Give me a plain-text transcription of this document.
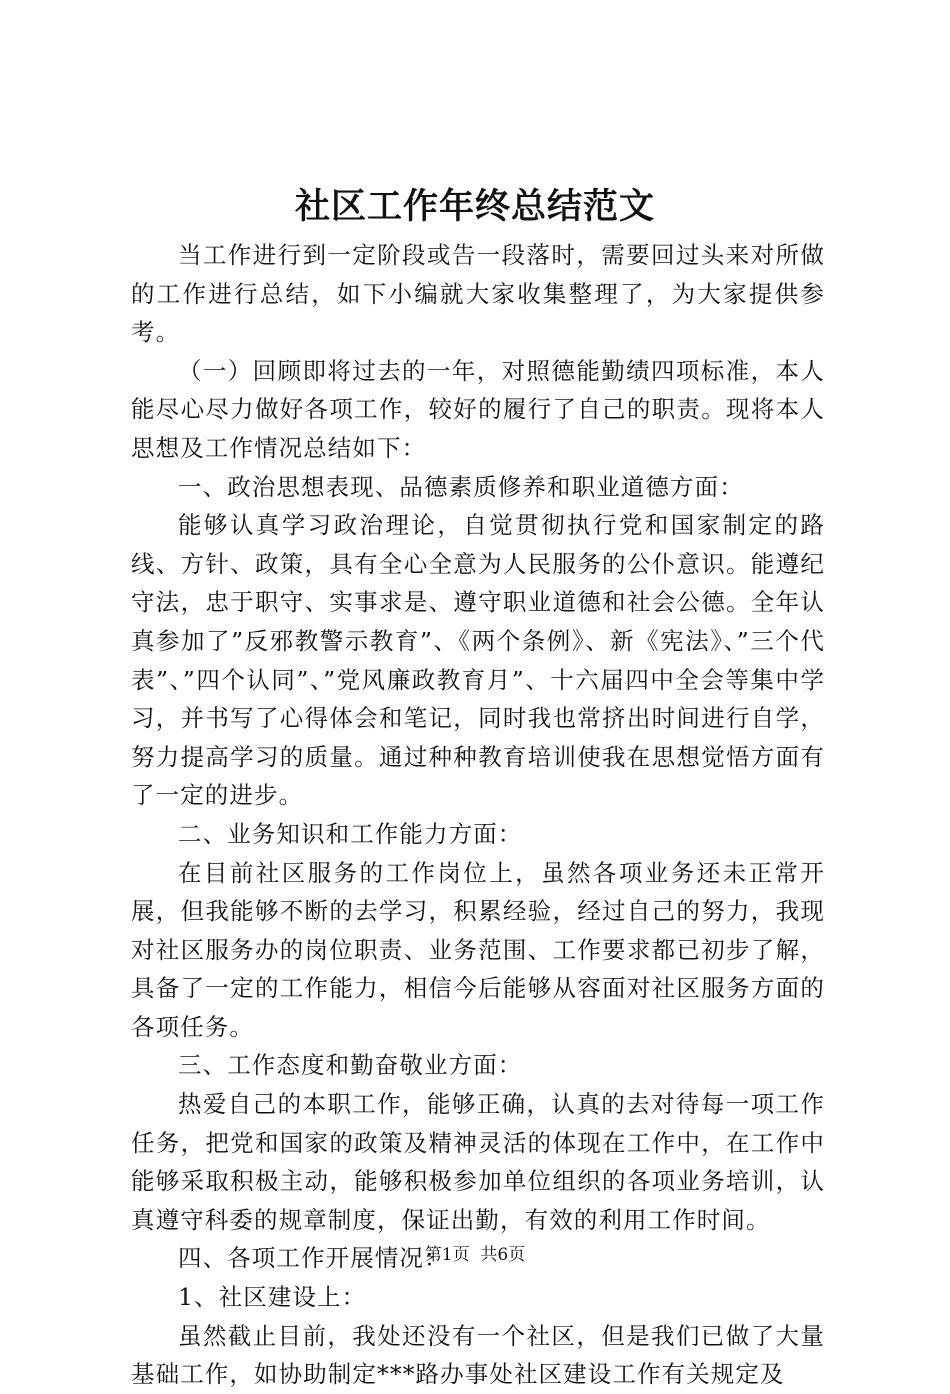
社区工作年终总结范文

当工作进行到一定阶段或告一段落时，需要回过头来对所做的工作进行总结，如下小编就大家收集整理了，为大家提供参考。

（一）回顾即将过去的一年，对照德能勤绩四项标准，本人能尽心尽力做好各项工作，较好的履行了自己的职责。现将本人思想及工作情况总结如下：

一、政治思想表现、品德素质修养和职业道德方面：

能够认真学习政治理论，自觉贯彻执行党和国家制定的路线、方针、政策，具有全心全意为人民服务的公仆意识。能遵纪守法，忠于职守、实事求是、遵守职业道德和社会公德。全年认真参加了”反邪教警示教育”、《两个条例》、新《宪法》、”三个代表”、”四个认同”、”党风廉政教育月”、十六届四中全会等集中学习，并书写了心得体会和笔记，同时我也常挤出时间进行自学，努力提高学习的质量。通过种种教育培训使我在思想觉悟方面有了一定的进步。

二、业务知识和工作能力方面：

在目前社区服务的工作岗位上，虽然各项业务还未正常开展，但我能够不断的去学习，积累经验，经过自己的努力，我现对社区服务办的岗位职责、业务范围、工作要求都已初步了解，具备了一定的工作能力，相信今后能够从容面对社区服务方面的各项任务。

三、工作态度和勤奋敬业方面：

热爱自己的本职工作，能够正确，认真的去对待每一项工作任务，把党和国家的政策及精神灵活的体现在工作中，在工作中能够采取积极主动，能够积极参加单位组织的各项业务培训，认真遵守科委的规章制度，保证出勤，有效的利用工作时间。

四、各项工作开展情况：

1、社区建设上：

虽然截止目前，我处还没有一个社区，但是我们已做了大量基础工作，如协助制定***路办事处社区建设工作有关规定及

第1页  共6页
